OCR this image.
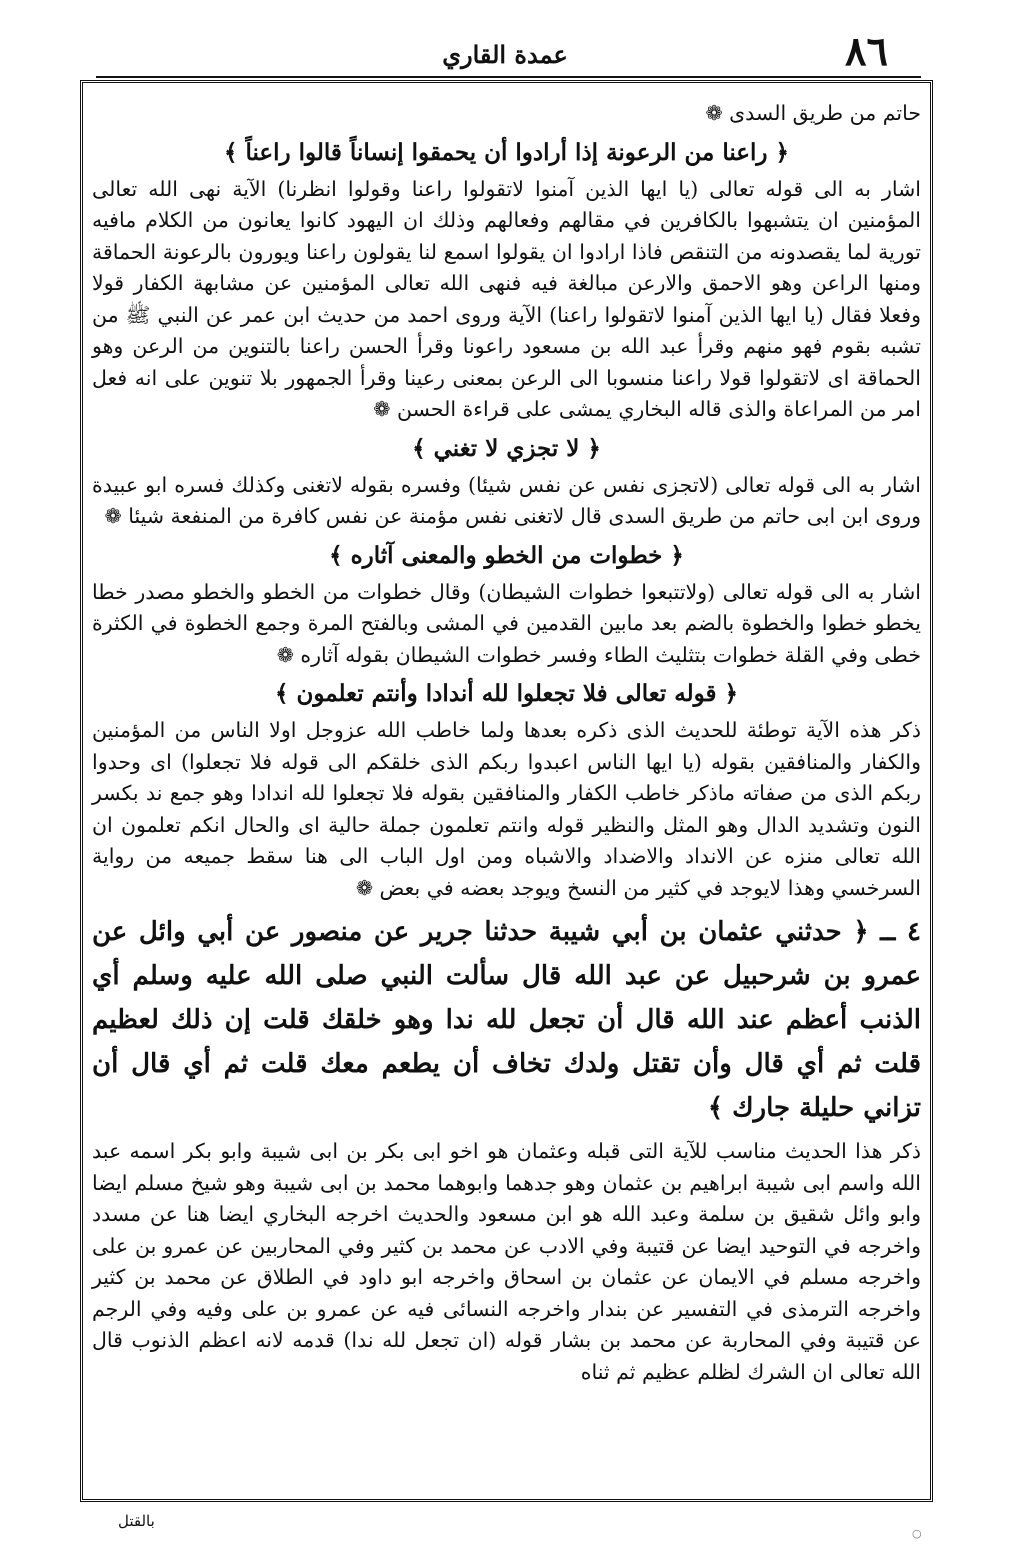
٨٦
عمدة القاري

حاتم من طريق السدى ❁

﴿ راعنا من الرعونة إذا أرادوا أن يحمقوا إنساناً قالوا راعناً ﴾

اشار به الى قوله تعالى (يا ايها الذين آمنوا لاتقولوا راعنا وقولوا انظرنا) الآية نهى الله تعالى المؤمنين ان يتشبهوا بالكافرين في مقالهم وفعالهم وذلك ان اليهود كانوا يعانون من الكلام مافيه تورية لما يقصدونه من التنقص فاذا ارادوا ان يقولوا اسمع لنا يقولون راعنا ويورون بالرعونة الحماقة ومنها الراعن وهو الاحمق والارعن مبالغة فيه فنهى الله تعالى المؤمنين عن مشابهة الكفار قولا وفعلا فقال (يا ايها الذين آمنوا لاتقولوا راعنا) الآية وروى احمد من حديث ابن عمر عن النبي ﷺ من تشبه بقوم فهو منهم وقرأ عبد الله بن مسعود راعونا وقرأ الحسن راعنا بالتنوين من الرعن وهو الحماقة اى لاتقولوا قولا راعنا منسوبا الى الرعن بمعنى رعينا وقرأ الجمهور بلا تنوين على انه فعل امر من المراعاة والذى قاله البخاري يمشى على قراءة الحسن ❁

﴿ لا تجزي لا تغني ﴾

اشار به الى قوله تعالى (لاتجزى نفس عن نفس شيئا) وفسره بقوله لاتغنى وكذلك فسره ابو عبيدة وروى ابن ابى حاتم من طريق السدى قال لاتغنى نفس مؤمنة عن نفس كافرة من المنفعة شيئا ❁

﴿ خطوات من الخطو والمعنى آثاره ﴾

اشار به الى قوله تعالى (ولاتتبعوا خطوات الشيطان) وقال خطوات من الخطو والخطو مصدر خطا يخطو خطوا والخطوة بالضم بعد مابين القدمين في المشى وبالفتح المرة وجمع الخطوة في الكثرة خطى وفي القلة خطوات بتثليث الطاء وفسر خطوات الشيطان بقوله آثاره ❁

﴿ قوله تعالى فلا تجعلوا لله أندادا وأنتم تعلمون ﴾

ذكر هذه الآية توطئة للحديث الذى ذكره بعدها ولما خاطب الله عزوجل اولا الناس من المؤمنين والكفار والمنافقين بقوله (يا ايها الناس اعبدوا ربكم الذى خلقكم الى قوله فلا تجعلوا) اى وحدوا ربكم الذى من صفاته ماذكر خاطب الكفار والمنافقين بقوله فلا تجعلوا لله اندادا وهو جمع ند بكسر النون وتشديد الدال وهو المثل والنظير قوله وانتم تعلمون جملة حالية اى والحال انكم تعلمون ان الله تعالى منزه عن الانداد والاضداد والاشباه ومن اول الباب الى هنا سقط جميعه من رواية السرخسي وهذا لايوجد في كثير من النسخ ويوجد بعضه في بعض ❁

٤ ــ ﴿ حدثني عثمان بن أبي شيبة حدثنا جرير عن منصور عن أبي وائل عن عمرو بن شرحبيل عن عبد الله قال سألت النبي صلى الله عليه وسلم أي الذنب أعظم عند الله قال أن تجعل لله ندا وهو خلقك قلت إن ذلك لعظيم قلت ثم أي قال وأن تقتل ولدك تخاف أن يطعم معك قلت ثم أي قال أن تزاني حليلة جارك ﴾

ذكر هذا الحديث مناسب للآية التى قبله وعثمان هو اخو ابى بكر بن ابى شيبة وابو بكر اسمه عبد الله واسم ابى شيبة ابراهيم بن عثمان وهو جدهما وابوهما محمد بن ابى شيبة وهو شيخ مسلم ايضا وابو وائل شقيق بن سلمة وعبد الله هو ابن مسعود والحديث اخرجه البخاري ايضا هنا عن مسدد واخرجه في التوحيد ايضا عن قتيبة وفي الادب عن محمد بن كثير وفي المحاربين عن عمرو بن على واخرجه مسلم في الايمان عن عثمان بن اسحاق واخرجه ابو داود في الطلاق عن محمد بن كثير واخرجه الترمذى في التفسير عن بندار واخرجه النسائى فيه عن عمرو بن على وفيه وفي الرجم عن قتيبة وفي المحاربة عن محمد بن بشار قوله (ان تجعل لله ندا) قدمه لانه اعظم الذنوب قال الله تعالى ان الشرك لظلم عظيم ثم ثناه

بالقتل
○
